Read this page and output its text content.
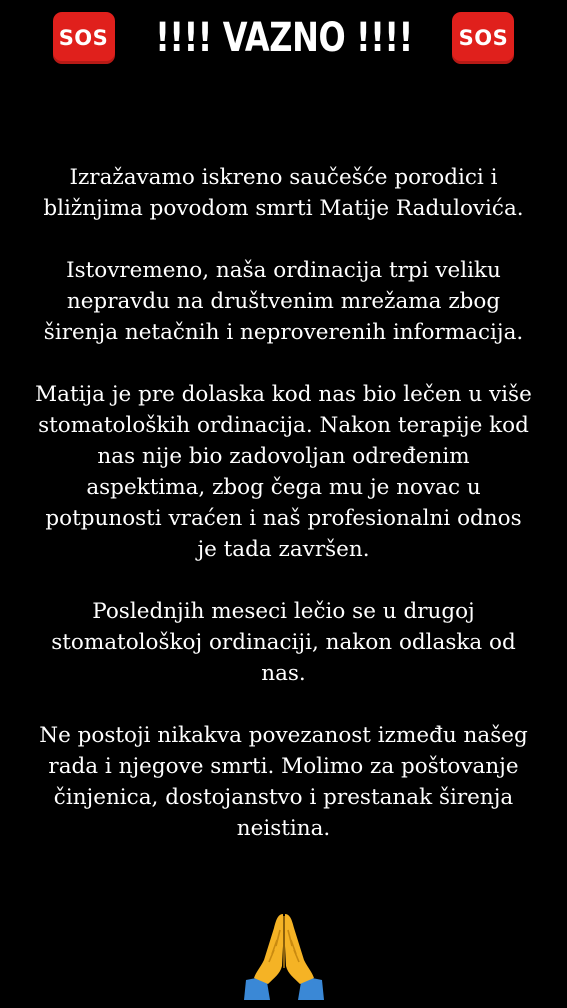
SOS !!!! VAZNO !!!! SOS

Izražavamo iskreno saučešće porodici i
bližnjima povodom smrti Matije Radulovića.

Istovremeno, naša ordinacija trpi veliku
nepravdu na društvenim mrežama zbog
širenja netačnih i neproverenih informacija.

Matija je pre dolaska kod nas bio lečen u više
stomatoloških ordinacija. Nakon terapije kod
nas nije bio zadovoljan određenim
aspektima, zbog čega mu je novac u
potpunosti vraćen i naš profesionalni odnos
je tada završen.

Poslednjih meseci lečio se u drugoj
stomatološkoj ordinaciji, nakon odlaska od
nas.

Ne postoji nikakva povezanost između našeg
rada i njegove smrti. Molimo za poštovanje
činjenica, dostojanstvo i prestanak širenja
neistina.
